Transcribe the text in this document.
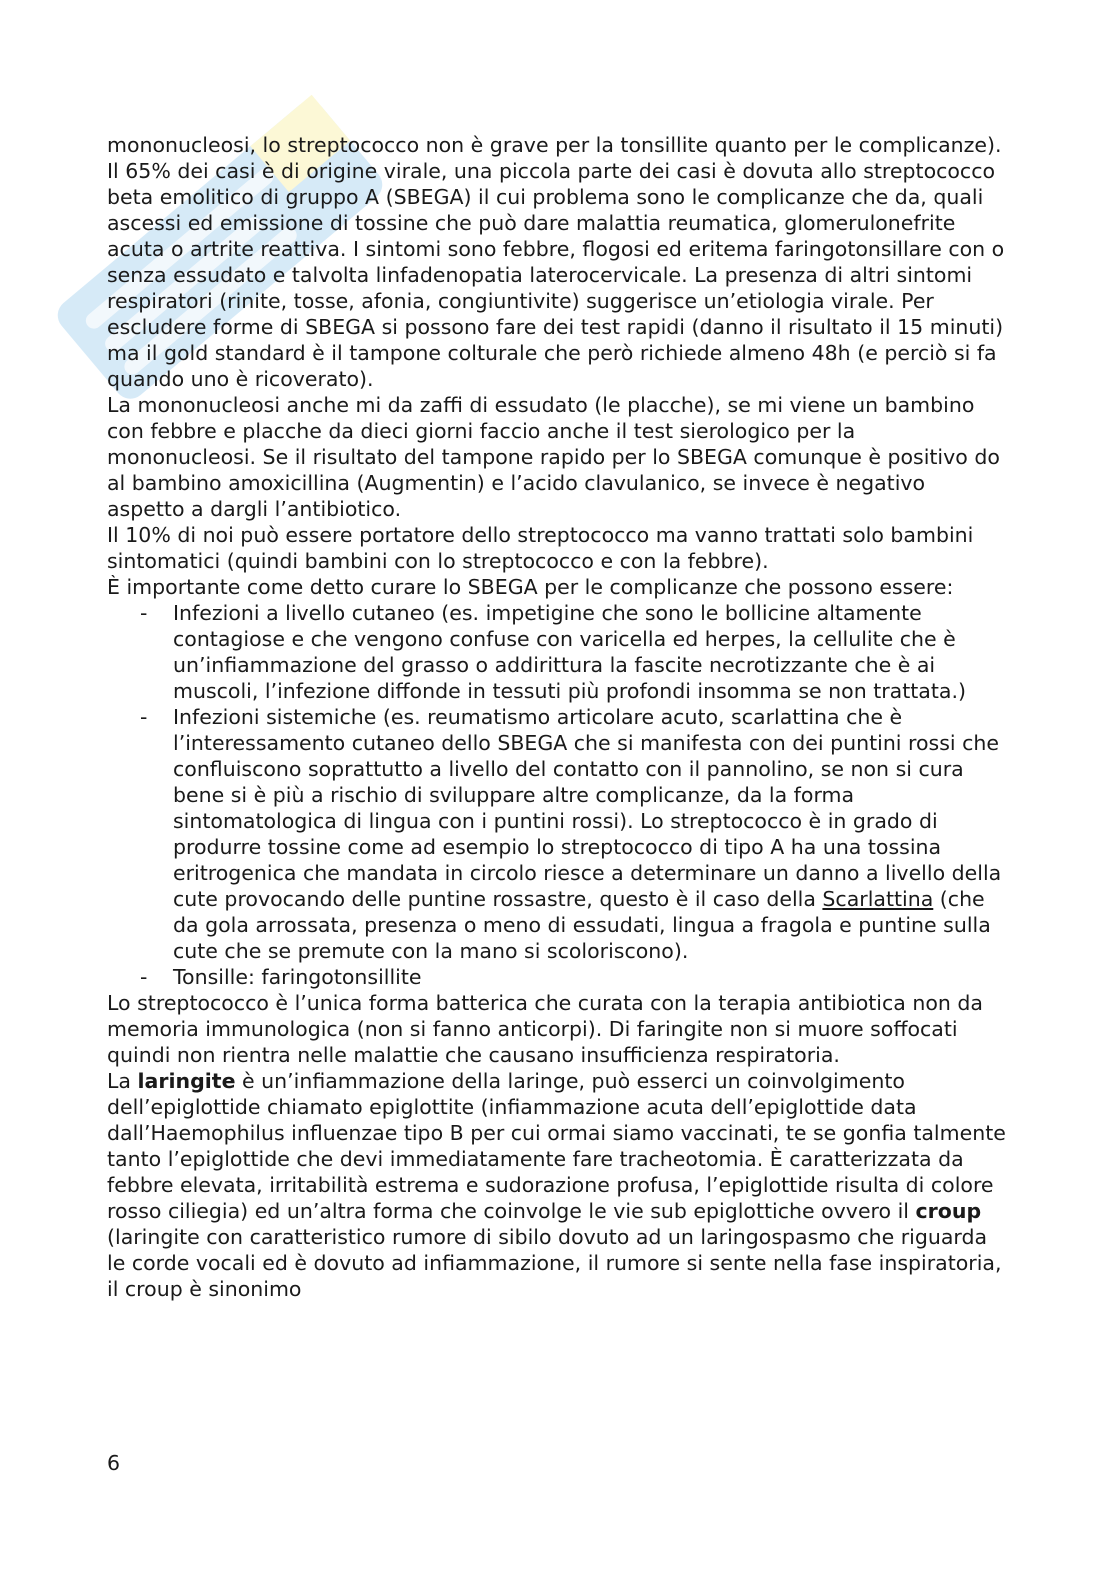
mononucleosi, lo streptococco non è grave per la tonsillite quanto per le complicanze). Il 65% dei casi è di origine virale, una piccola parte dei casi è dovuta allo streptococco beta emolitico di gruppo A (SBEGA) il cui problema sono le complicanze che da, quali ascessi ed emissione di tossine che può dare malattia reumatica, glomerulonefrite acuta o artrite reattiva. I sintomi sono febbre, flogosi ed eritema faringotonsillare con o senza essudato e talvolta linfadenopatia laterocervicale. La presenza di altri sintomi respiratori (rinite, tosse, afonia, congiuntivite) suggerisce un’etiologia virale. Per escludere forme di SBEGA si possono fare dei test rapidi (danno il risultato il 15 minuti) ma il gold standard è il tampone colturale che però richiede almeno 48h (e perciò si fa quando uno è ricoverato).

La mononucleosi anche mi da zaffi di essudato (le placche), se mi viene un bambino con febbre e placche da dieci giorni faccio anche il test sierologico per la mononucleosi. Se il risultato del tampone rapido per lo SBEGA comunque è positivo do al bambino amoxicillina (Augmentin) e l’acido clavulanico, se invece è negativo aspetto a dargli l’antibiotico.

Il 10% di noi può essere portatore dello streptococco ma vanno trattati solo bambini sintomatici (quindi bambini con lo streptococco e con la febbre).

È importante come detto curare lo SBEGA per le complicanze che possono essere:

- Infezioni a livello cutaneo (es. impetigine che sono le bollicine altamente contagiose e che vengono confuse con varicella ed herpes, la cellulite che è un’infiammazione del grasso o addirittura la fascite necrotizzante che è ai muscoli, l’infezione diffonde in tessuti più profondi insomma se non trattata.)
- Infezioni sistemiche (es. reumatismo articolare acuto, scarlattina che è l’interessamento cutaneo dello SBEGA che si manifesta con dei puntini rossi che confluiscono soprattutto a livello del contatto con il pannolino, se non si cura bene si è più a rischio di sviluppare altre complicanze, da la forma sintomatologica di lingua con i puntini rossi). Lo streptococco è in grado di produrre tossine come ad esempio lo streptococco di tipo A ha una tossina eritrogenica che mandata in circolo riesce a determinare un danno a livello della cute provocando delle puntine rossastre, questo è il caso della Scarlattina (che da gola arrossata, presenza o meno di essudati, lingua a fragola e puntine sulla cute che se premute con la mano si scoloriscono).
- Tonsille: faringotonsillite

Lo streptococco è l’unica forma batterica che curata con la terapia antibiotica non da memoria immunologica (non si fanno anticorpi). Di faringite non si muore soffocati quindi non rientra nelle malattie che causano insufficienza respiratoria.

La laringite è un’infiammazione della laringe, può esserci un coinvolgimento dell’epiglottide chiamato epiglottite (infiammazione acuta dell’epiglottide data dall’Haemophilus influenzae tipo B per cui ormai siamo vaccinati, te se gonfia talmente tanto l’epiglottide che devi immediatamente fare tracheotomia. È caratterizzata da febbre elevata, irritabilità estrema e sudorazione profusa, l’epiglottide risulta di colore rosso ciliegia) ed un’altra forma che coinvolge le vie sub epiglottiche ovvero il croup (laringite con caratteristico rumore di sibilo dovuto ad un laringospasmo che riguarda le corde vocali ed è dovuto ad infiammazione, il rumore si sente nella fase inspiratoria, il croup è sinonimo

6
